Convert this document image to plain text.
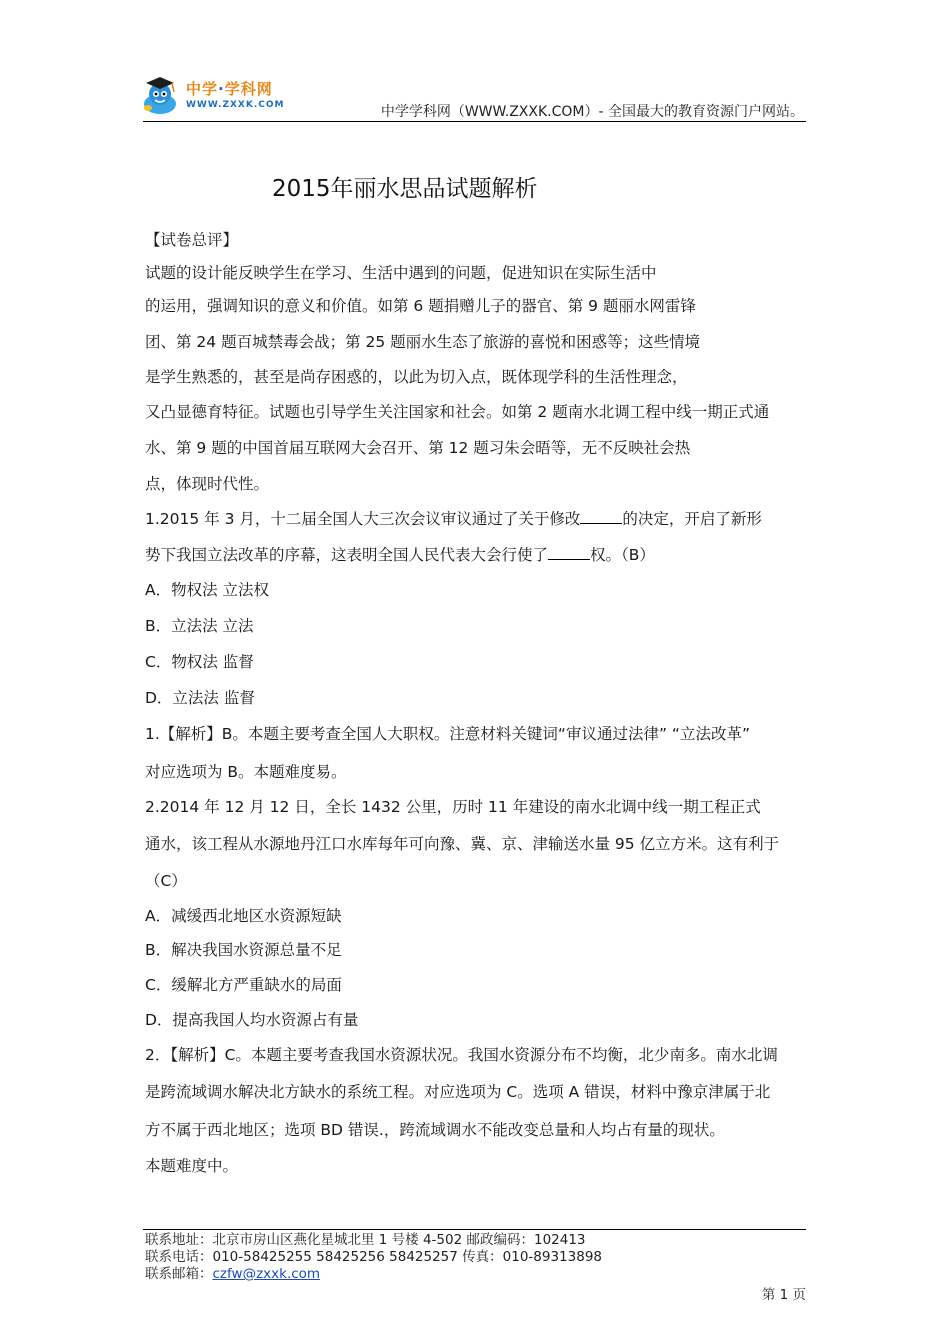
中学·学科网
WWW.ZXXK.COM	中学学科网（WWW.ZXXK.COM）- 全国最大的教育资源门户网站。
2015年丽水思品试题解析
【试卷总评】
试题的设计能反映学生在学习、生活中遇到的问题，促进知识在实际生活中
的运用，强调知识的意义和价值。如第 6 题捐赠儿子的器官、第 9 题丽水网雷锋
团、第 24 题百城禁毒会战；第 25 题丽水生态了旅游的喜悦和困惑等；这些情境
是学生熟悉的，甚至是尚存困惑的，以此为切入点，既体现学科的生活性理念，
又凸显德育特征。试题也引导学生关注国家和社会。如第 2 题南水北调工程中线一期正式通
水、第 9 题的中国首届互联网大会召开、第 12 题习朱会晤等，无不反映社会热
点，体现时代性。
1.2015 年 3 月，十二届全国人大三次会议审议通过了关于修改	的决定，开启了新形
势下我国立法改革的序幕，这表明全国人民代表大会行使了	权。（B）
A．物权法 立法权
B．立法法 立法
C．物权法 监督
D．立法法 监督
1.【解析】B。本题主要考查全国人大职权。注意材料关键词“审议通过法律” “立法改革”
对应选项为 B。本题难度易。
2.2014 年 12 月 12 日，全长 1432 公里，历时 11 年建设的南水北调中线一期工程正式
通水，该工程从水源地丹江口水库每年可向豫、冀、京、津输送水量 95 亿立方米。这有利于
（C）
A．减缓西北地区水资源短缺
B．解决我国水资源总量不足
C．缓解北方严重缺水的局面
D．提高我国人均水资源占有量
2．【解析】C。本题主要考查我国水资源状况。我国水资源分布不均衡，北少南多。南水北调
是跨流域调水解决北方缺水的系统工程。对应选项为 C。选项 A 错误，材料中豫京津属于北
方不属于西北地区；选项 BD 错误.，跨流域调水不能改变总量和人均占有量的现状。
本题难度中。
联系地址：北京市房山区燕化星城北里 1 号楼 4-502 邮政编码：102413
联系电话：010-58425255 58425256 58425257 传真：010-89313898
联系邮箱：czfw@zxxk.com
第 1 页
